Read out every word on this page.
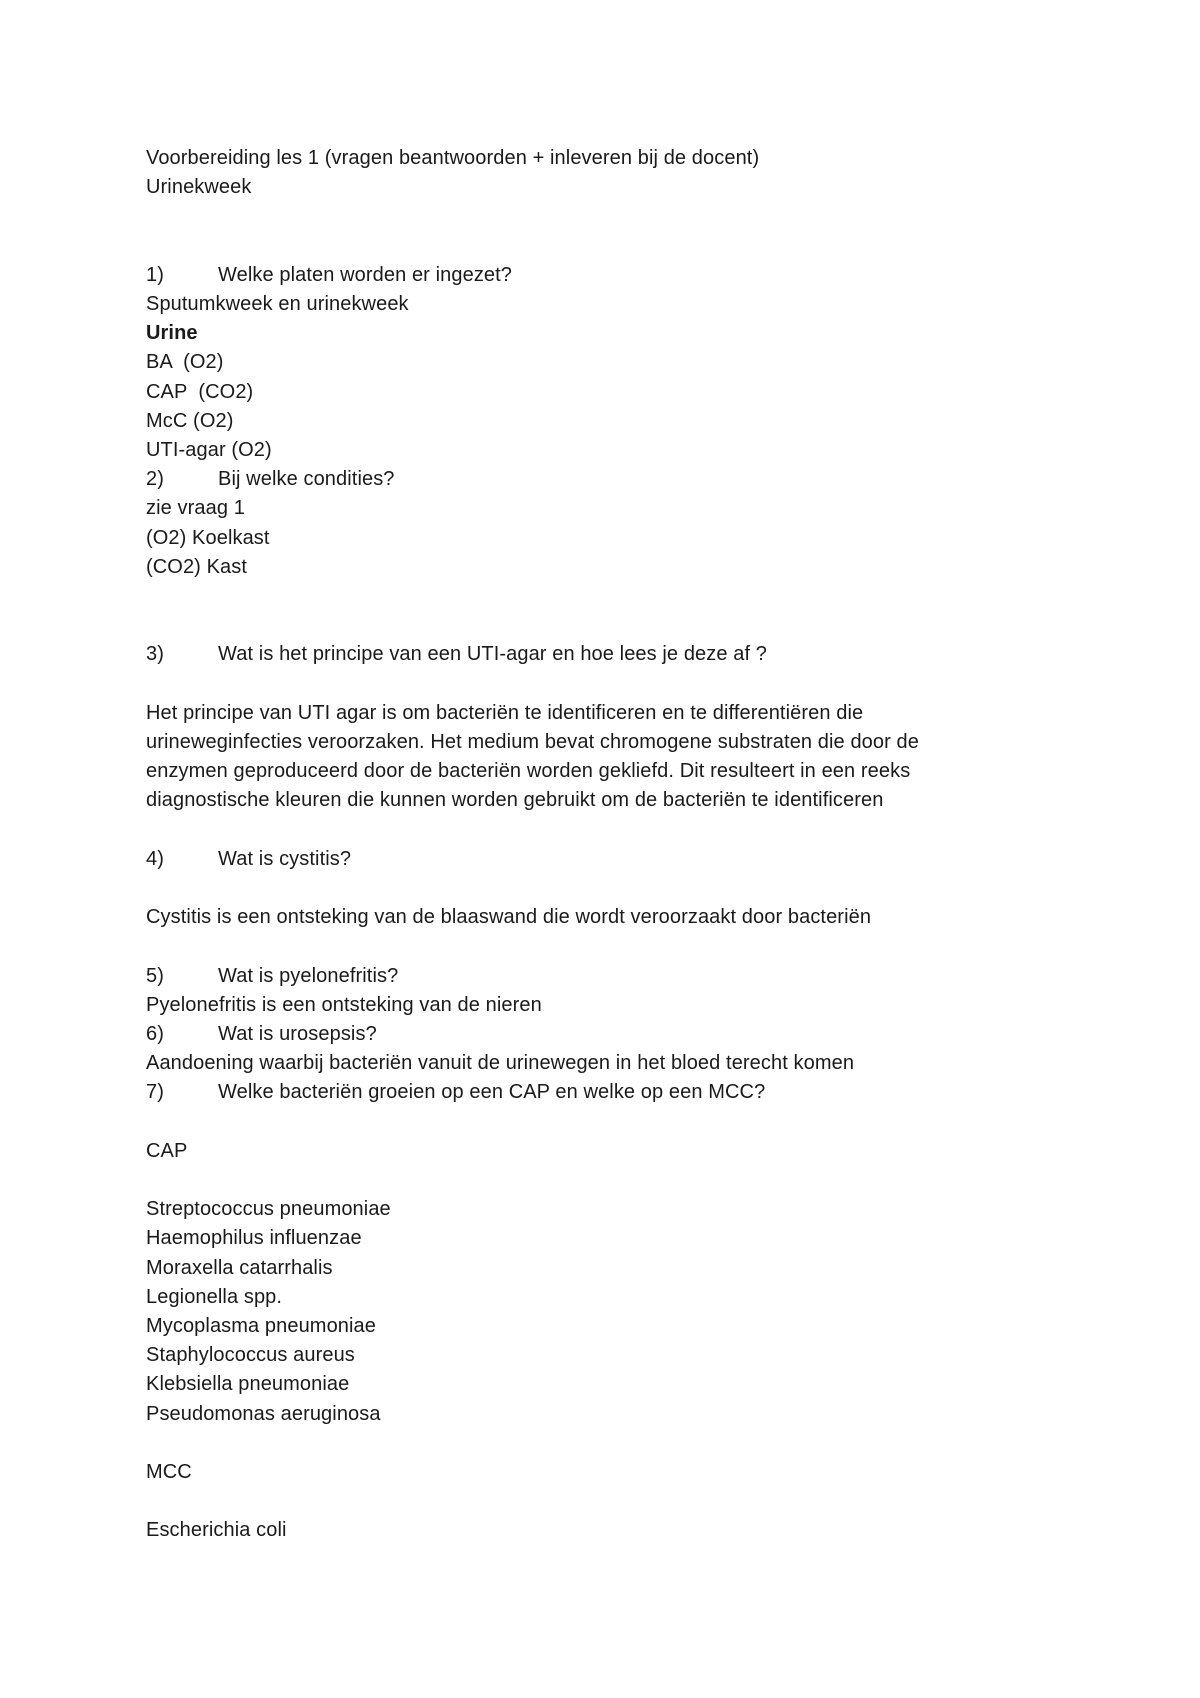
Voorbereiding les 1 (vragen beantwoorden + inleveren bij de docent)
Urinekweek
1)	Welke platen worden er ingezet?
Sputumkweek en urinekweek
Urine
BA  (O2)
CAP  (CO2)
McC (O2)
UTI-agar (O2)
2)	Bij welke condities?
zie vraag 1
(O2) Koelkast
(CO2) Kast
3)	Wat is het principe van een UTI-agar en hoe lees je deze af ?
Het principe van UTI agar is om bacteriën te identificeren en te differentiëren die
urineweginfecties veroorzaken. Het medium bevat chromogene substraten die door de
enzymen geproduceerd door de bacteriën worden gekliefd. Dit resulteert in een reeks
diagnostische kleuren die kunnen worden gebruikt om de bacteriën te identificeren
4)	Wat is cystitis?
Cystitis is een ontsteking van de blaaswand die wordt veroorzaakt door bacteriën
5)	Wat is pyelonefritis?
Pyelonefritis is een ontsteking van de nieren
6)	Wat is urosepsis?
Aandoening waarbij bacteriën vanuit de urinewegen in het bloed terecht komen
7)	Welke bacteriën groeien op een CAP en welke op een MCC?
CAP
Streptococcus pneumoniae
Haemophilus influenzae
Moraxella catarrhalis
Legionella spp.
Mycoplasma pneumoniae
Staphylococcus aureus
Klebsiella pneumoniae
Pseudomonas aeruginosa
MCC
Escherichia coli
